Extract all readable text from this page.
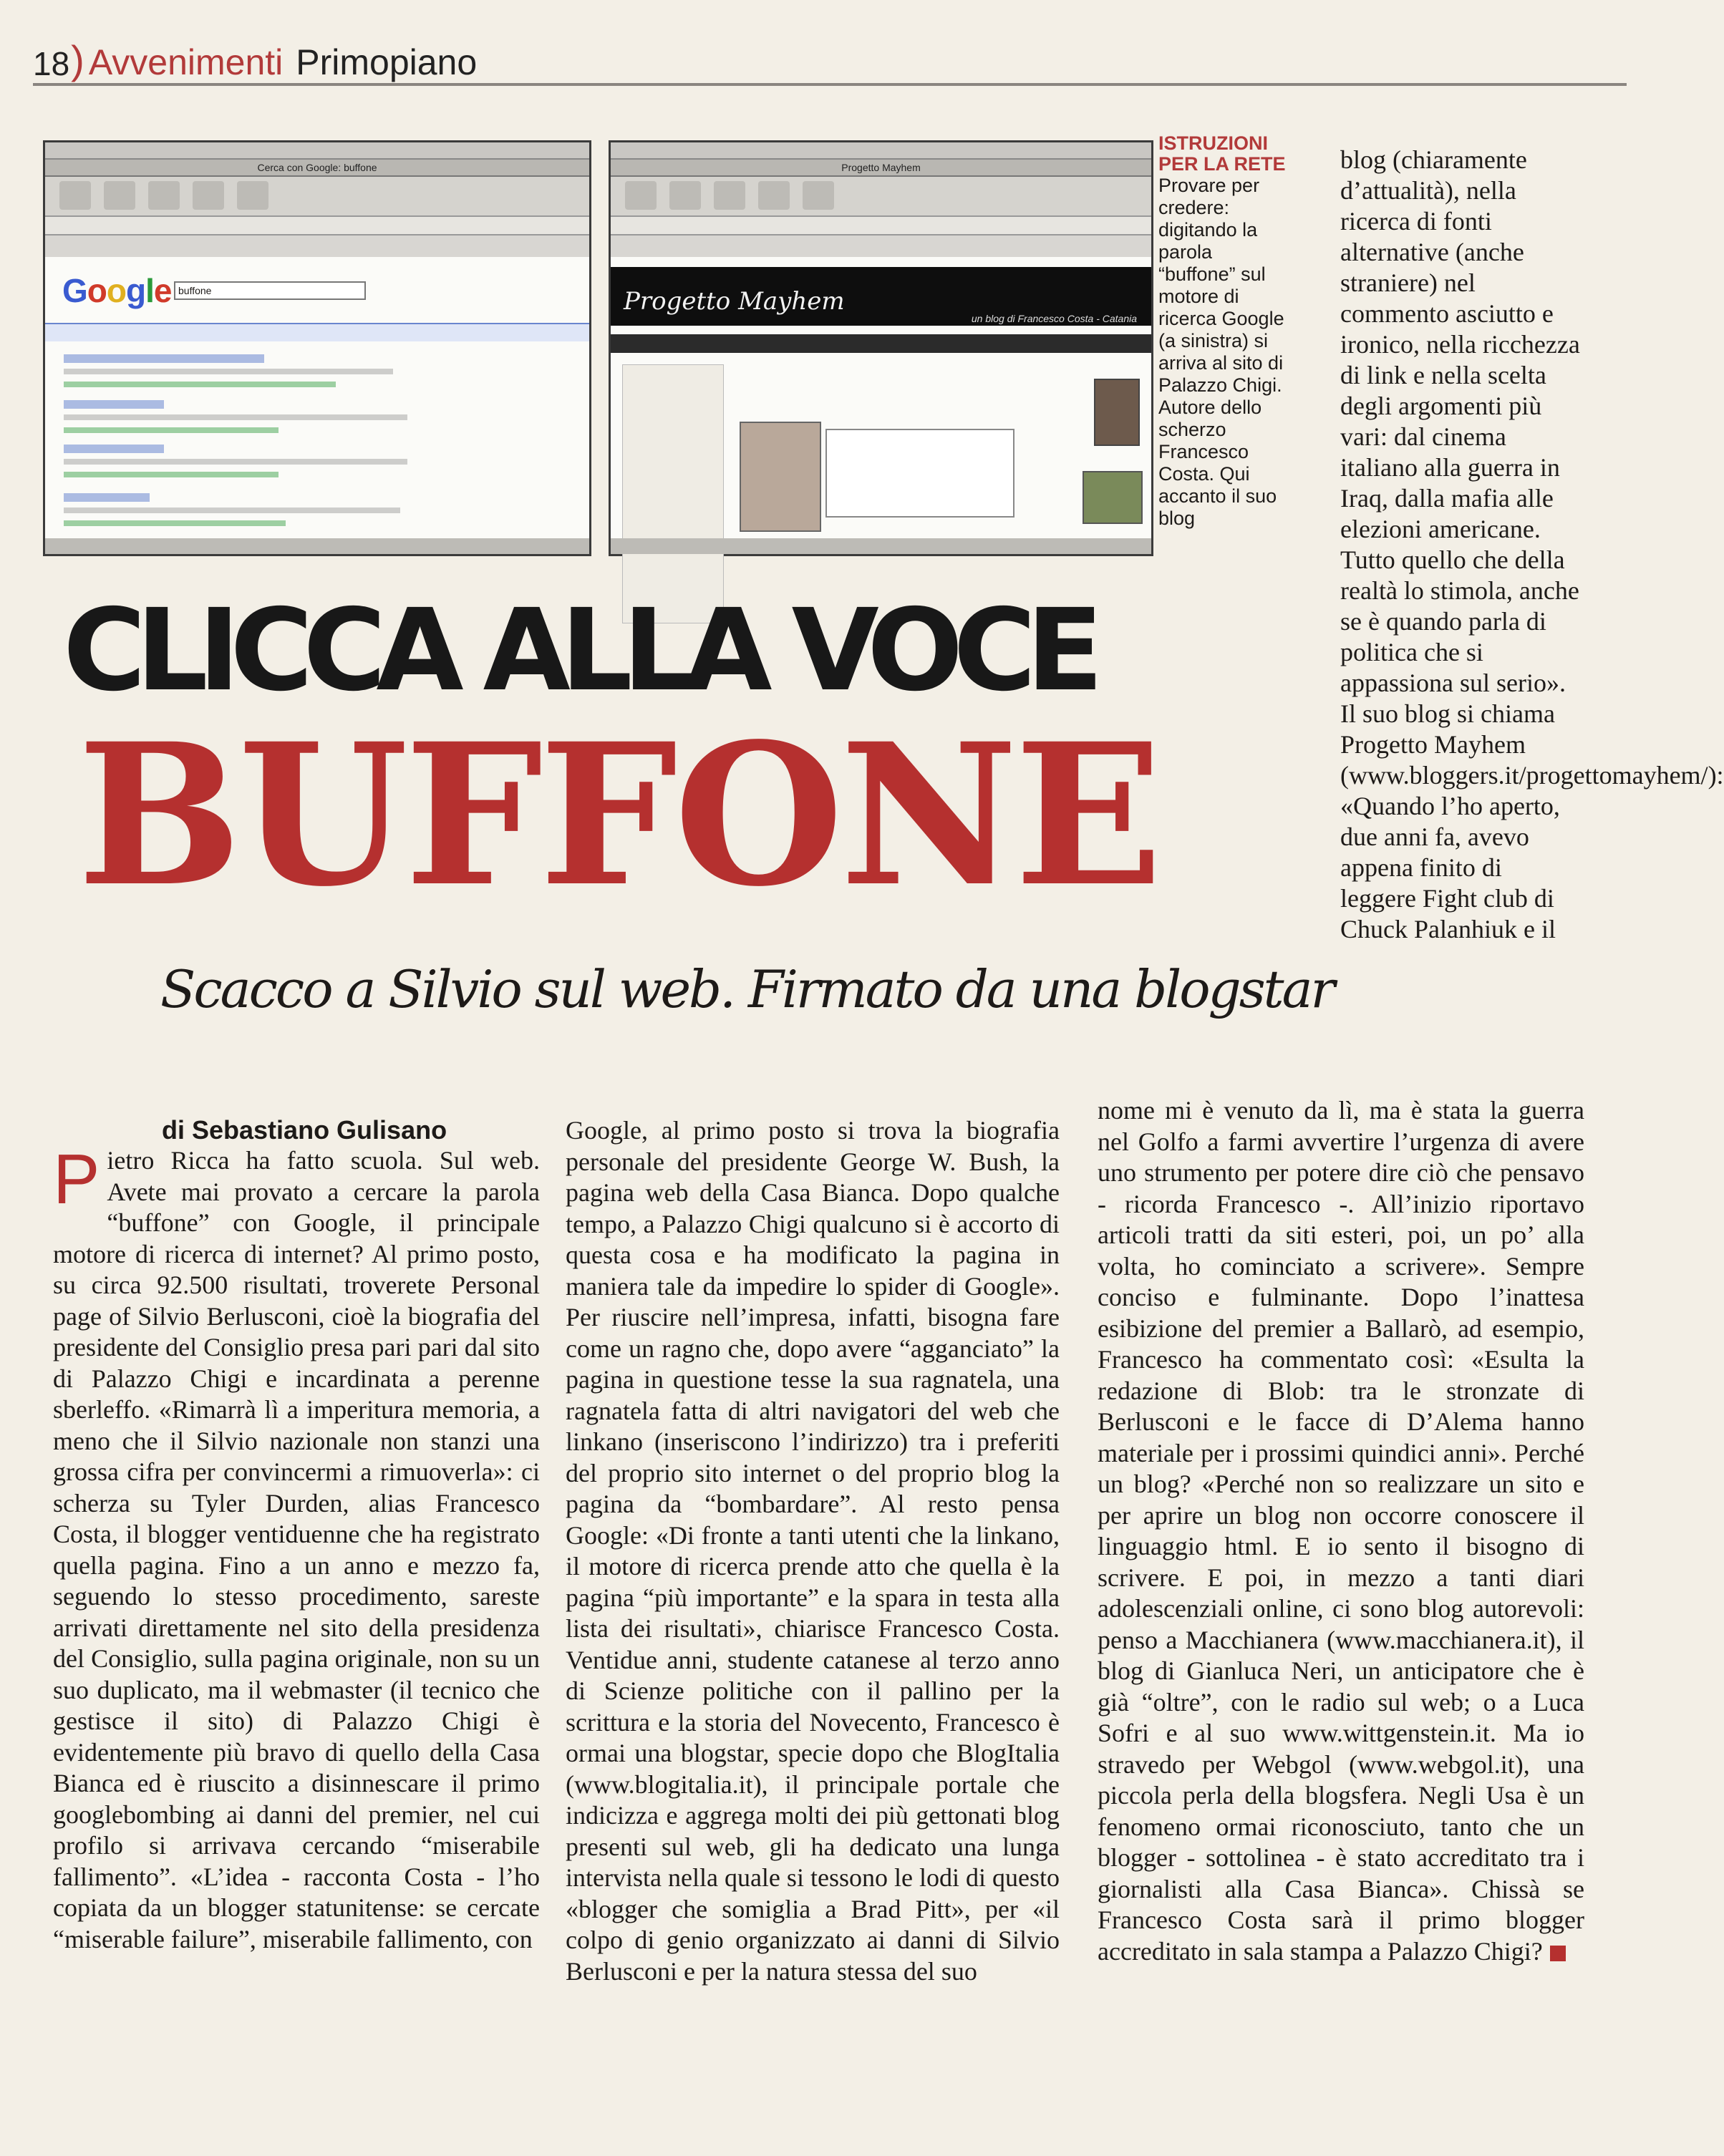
18 ) Avvenimenti Primopiano
Cerca con Google: buffone
Google buffone
Progetto Mayhem
Progetto Mayhem
un blog di Francesco Costa - Catania
ISTRUZIONI PER LA RETE

Provare per credere: digitando la parola “buffone” sul motore di ricerca Google (a sinistra) si arriva al sito di Palazzo Chigi. Autore dello scherzo Francesco Costa. Qui accanto il suo blog

CLICCA ALLA VOCE
BUFFONE
Scacco a Silvio sul web. Firmato da una blogstar
di Sebastiano Gulisano

Pietro Ricca ha fatto scuola. Sul web. Avete mai provato a cercare la parola “buffone” con Google, il principale motore di ricerca di internet? Al primo posto, su circa 92.500 risultati, troverete Personal page of Silvio Berlusconi, cioè la biografia del presidente del Consiglio presa pari pari dal sito di Palazzo Chigi e incardinata a perenne sberleffo. «Rimarrà lì a imperitura memoria, a meno che il Silvio nazionale non stanzi una grossa cifra per convincermi a rimuoverla»: ci scherza su Tyler Durden, alias Francesco Costa, il blogger ventiduenne che ha registrato quella pagina. Fino a un anno e mezzo fa, seguendo lo stesso procedimento, sareste arrivati direttamente nel sito della presidenza del Consiglio, sulla pagina originale, non su un suo duplicato, ma il webmaster (il tecnico che gestisce il sito) di Palazzo Chigi è evidentemente più bravo di quello della Casa Bianca ed è riuscito a disinnescare il primo googlebombing ai danni del premier, nel cui profilo si arrivava cercando “miserabile fallimento”. «L’idea - racconta Costa - l’ho copiata da un blogger statunitense: se cercate “miserable failure”, miserabile fallimento, con

Google, al primo posto si trova la biografia personale del presidente George W. Bush, la pagina web della Casa Bianca. Dopo qualche tempo, a Palazzo Chigi qualcuno si è accorto di questa cosa e ha modificato la pagina in maniera tale da impedire lo spider di Google». Per riuscire nell’impresa, infatti, bisogna fare come un ragno che, dopo avere “agganciato” la pagina in questione tesse la sua ragnatela, una ragnatela fatta di altri navigatori del web che linkano (inseriscono l’indirizzo) tra i preferiti del proprio sito internet o del proprio blog la pagina da “bombardare”. Al resto pensa Google: «Di fronte a tanti utenti che la linkano, il motore di ricerca prende atto che quella è la pagina “più importante” e la spara in testa alla lista dei risultati», chiarisce Francesco Costa. Ventidue anni, studente catanese al terzo anno di Scienze politiche con il pallino per la scrittura e la storia del Novecento, Francesco è ormai una blogstar, specie dopo che BlogItalia (www.blogitalia.it), il principale portale che indicizza e aggrega molti dei più gettonati blog presenti sul web, gli ha dedicato una lunga intervista nella quale si tessono le lodi di questo «blogger che somiglia a Brad Pitt», per «il colpo di genio organizzato ai danni di Silvio Berlusconi e per la natura stessa del suo

blog (chiaramente d’attualità), nella ricerca di fonti alternative (anche straniere) nel commento asciutto e ironico, nella ricchezza di link e nella scelta degli argomenti più vari: dal cinema italiano alla guerra in Iraq, dalla mafia alle elezioni americane. Tutto quello che della realtà lo stimola, anche se è quando parla di politica che si appassiona sul serio». Il suo blog si chiama Progetto Mayhem (www.bloggers.it/progettomayhem/): «Quando l’ho aperto, due anni fa, avevo appena finito di leggere Fight club di Chuck Palanhiuk e il

nome mi è venuto da lì, ma è stata la guerra nel Golfo a farmi avvertire l’urgenza di avere uno strumento per potere dire ciò che pensavo - ricorda Francesco -. All’inizio riportavo articoli tratti da siti esteri, poi, un po’ alla volta, ho cominciato a scrivere». Sempre conciso e fulminante. Dopo l’inattesa esibizione del premier a Ballarò, ad esempio, Francesco ha commentato così: «Esulta la redazione di Blob: tra le stronzate di Berlusconi e le facce di D’Alema hanno materiale per i prossimi quindici anni». Perché un blog? «Perché non so realizzare un sito e per aprire un blog non occorre conoscere il linguaggio html. E io sento il bisogno di scrivere. E poi, in mezzo a tanti diari adolescenziali online, ci sono blog autorevoli: penso a Macchianera (www.macchianera.it), il blog di Gianluca Neri, un anticipatore che è già “oltre”, con le radio sul web; o a Luca Sofri e al suo www.wittgenstein.it. Ma io stravedo per Webgol (www.webgol.it), una piccola perla della blogsfera. Negli Usa è un fenomeno ormai riconosciuto, tanto che un blogger - sottolinea - è stato accreditato tra i giornalisti alla Casa Bianca». Chissà se Francesco Costa sarà il primo blogger accreditato in sala stampa a Palazzo Chigi?
